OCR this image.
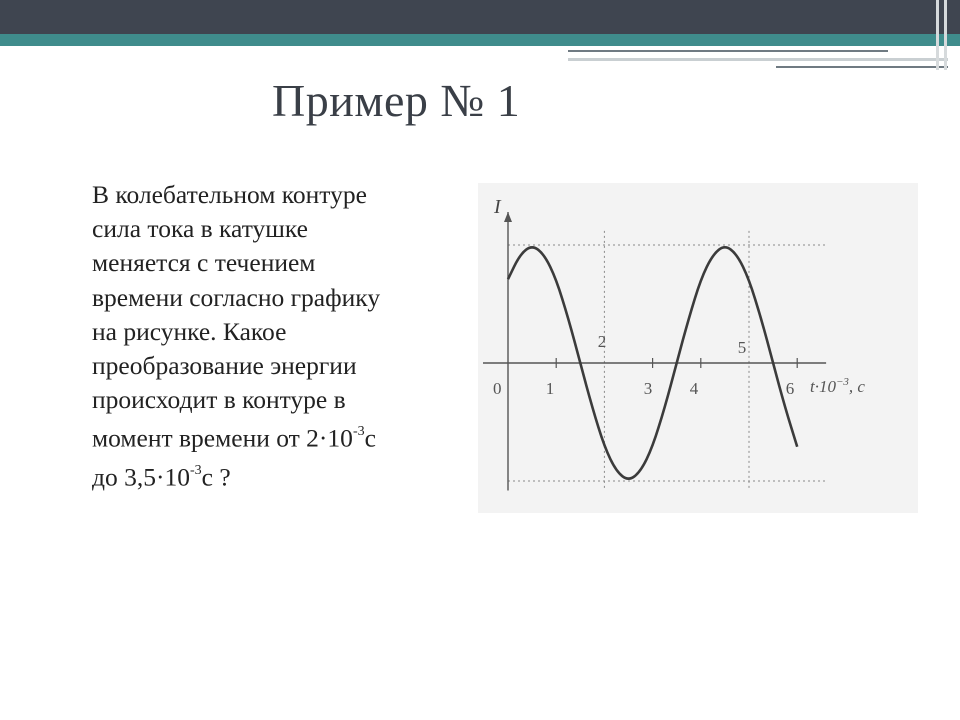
Пример № 1

В колебательном контуре
сила тока в катушке
меняется с течением
времени согласно графику
на рисунке. Какое
преобразование энергии
происходит в контуре в
момент времени от $2\cdot 10^{-3}с$
до $3,5\cdot 10^{-3}с$ ?

I
0	1	3 4	6
2	5
$t\cdot 10^{-3}$, с
